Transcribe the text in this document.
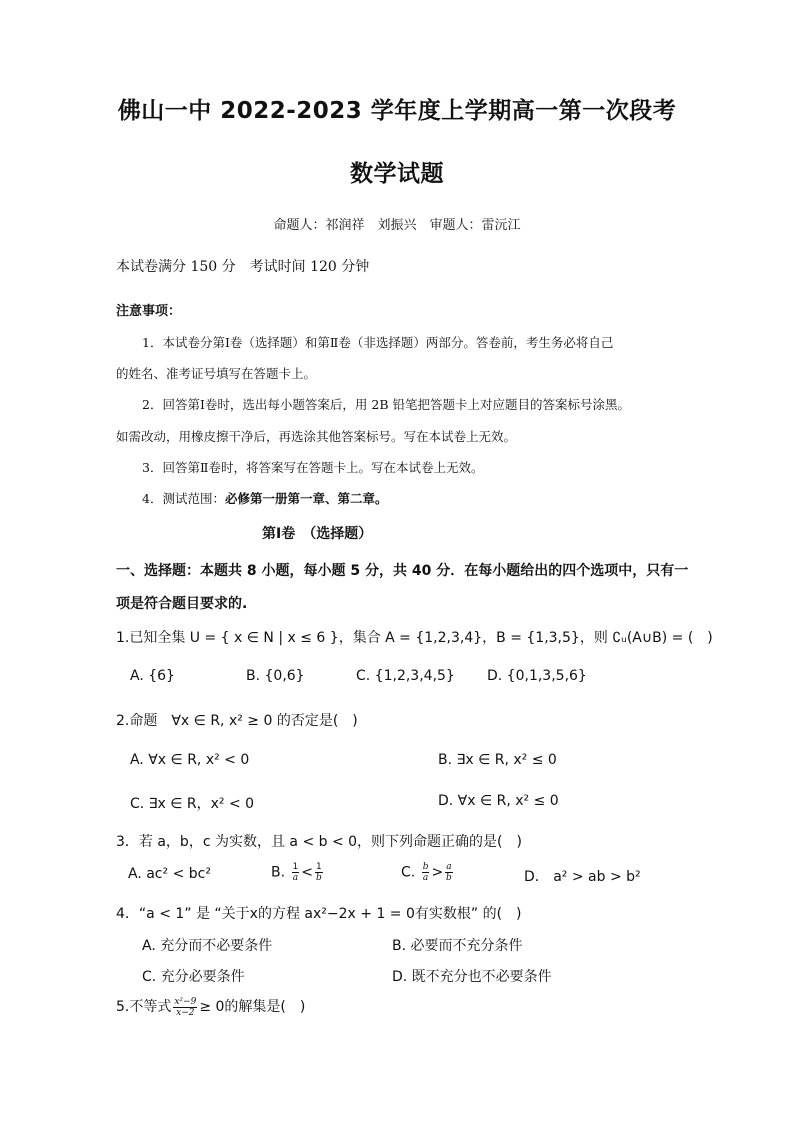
佛山一中 2022-2023 学年度上学期高一第一次段考
数学试题
命题人：祁润祥　刘振兴　审题人：雷沅江
本试卷满分 150 分　考试时间 120 分钟
注意事项：
1．本试卷分第Ⅰ卷（选择题）和第Ⅱ卷（非选择题）两部分。答卷前，考生务必将自己
的姓名、准考证号填写在答题卡上。
2．回答第Ⅰ卷时，选出每小题答案后，用 2B 铅笔把答题卡上对应题目的答案标号涂黑。
如需改动，用橡皮擦干净后，再选涂其他答案标号。写在本试卷上无效。
3．回答第Ⅱ卷时，将答案写在答题卡上。写在本试卷上无效。
4．测试范围：必修第一册第一章、第二章。
第Ⅰ卷　（选择题）
一、选择题：本题共 8 小题，每小题 5 分，共 40 分．在每小题给出的四个选项中，只有一
项是符合题目要求的.
1.已知全集 U = { x ∈ N | x ≤ 6 }，集合 A = {1,2,3,4}，B = {1,3,5}，则 ∁ᵤ(A∪B) = (　)
A. {6}	B. {0,6}	C. {1,2,3,4,5} D. {0,1,3,5,6}
2.命题　∀x ∈ R, x² ≥ 0 的否定是(　)
A. ∀x ∈ R, x² < 0	B. ∃x ∈ R, x² ≤ 0
C. ∃x ∈ R，x² < 0	D. ∀x ∈ R, x² ≤ 0
3．若 a，b，c 为实数，且 a < b < 0，则下列命题正确的是(　)
A. ac² < bc²	B. $\frac{1}{a} < \frac{1}{b}$	C. $\frac{b}{a} > \frac{a}{b}$	D． a² > ab > b²
4．“a < 1” 是 “关于x的方程 ax²−2x + 1 = 0有实数根” 的(　)
A. 充分而不必要条件	B. 必要而不充分条件
C. 充分必要条件	D. 既不充分也不必要条件
5.不等式 $\frac{\text{x²−9}}{x-2} \ge 0$的解集是(　)
